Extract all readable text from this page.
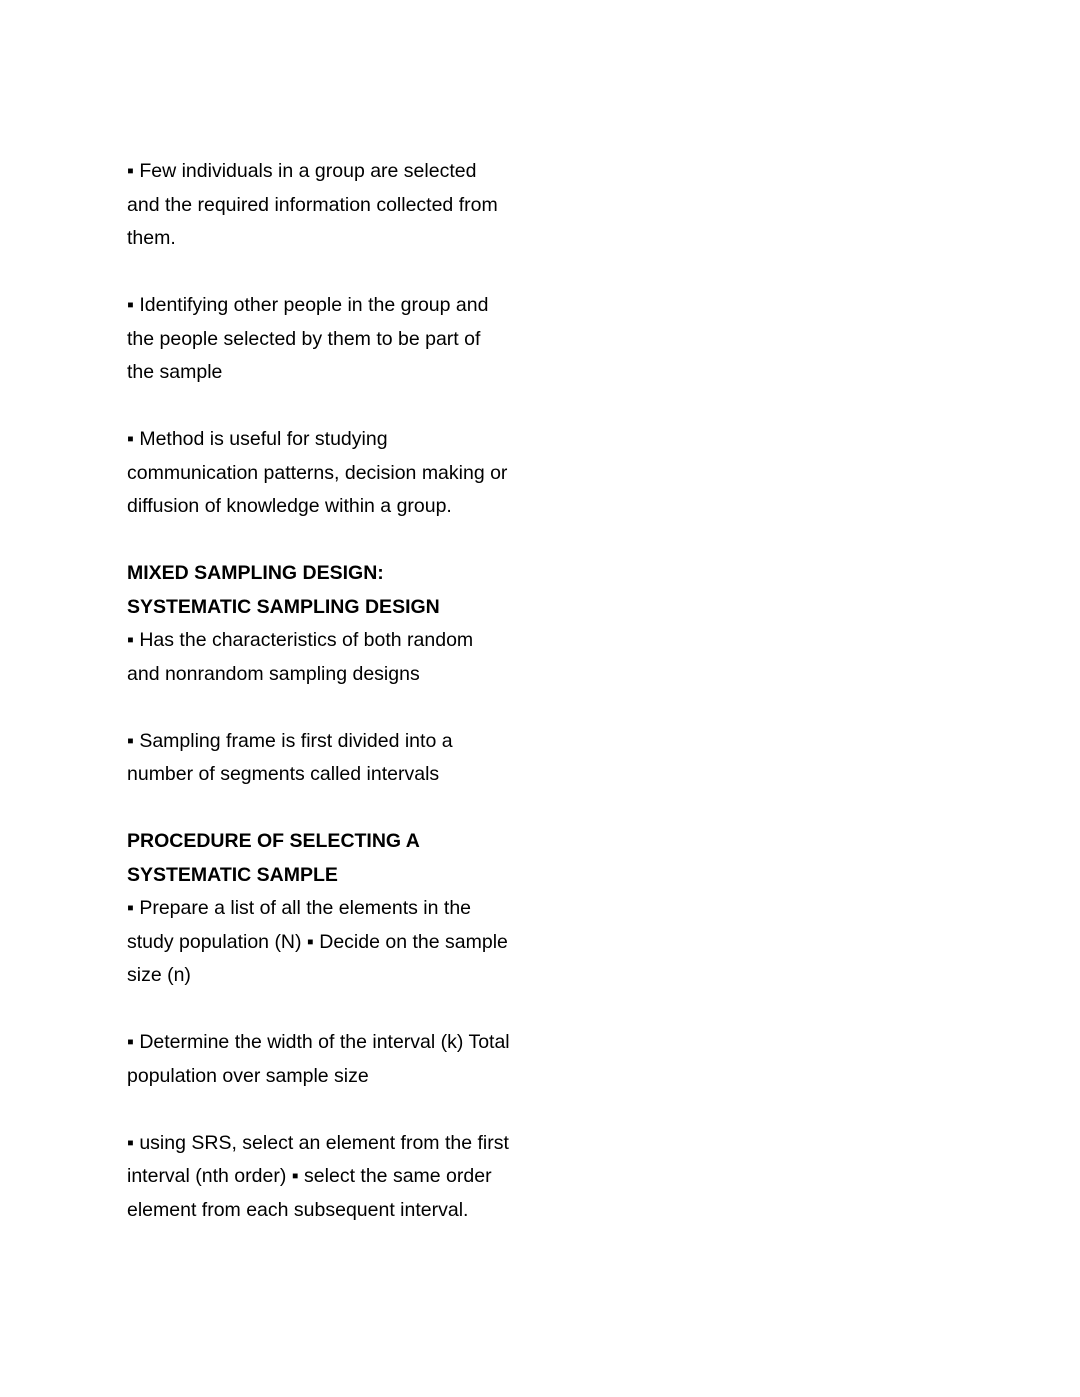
▪ Few individuals in a group are selected
and the required information collected from
them.

▪ Identifying other people in the group and
the people selected by them to be part of
the sample

▪ Method is useful for studying
communication patterns, decision making or
diffusion of knowledge within a group.

MIXED SAMPLING DESIGN:

SYSTEMATIC SAMPLING DESIGN

▪ Has the characteristics of both random
and nonrandom sampling designs

▪ Sampling frame is first divided into a
number of segments called intervals

PROCEDURE OF SELECTING A
SYSTEMATIC SAMPLE

▪ Prepare a list of all the elements in the
study population (N) ▪ Decide on the sample
size (n)

▪ Determine the width of the interval (k) Total
population over sample size

▪ using SRS, select an element from the first
interval (nth order) ▪ select the same order
element from each subsequent interval.
